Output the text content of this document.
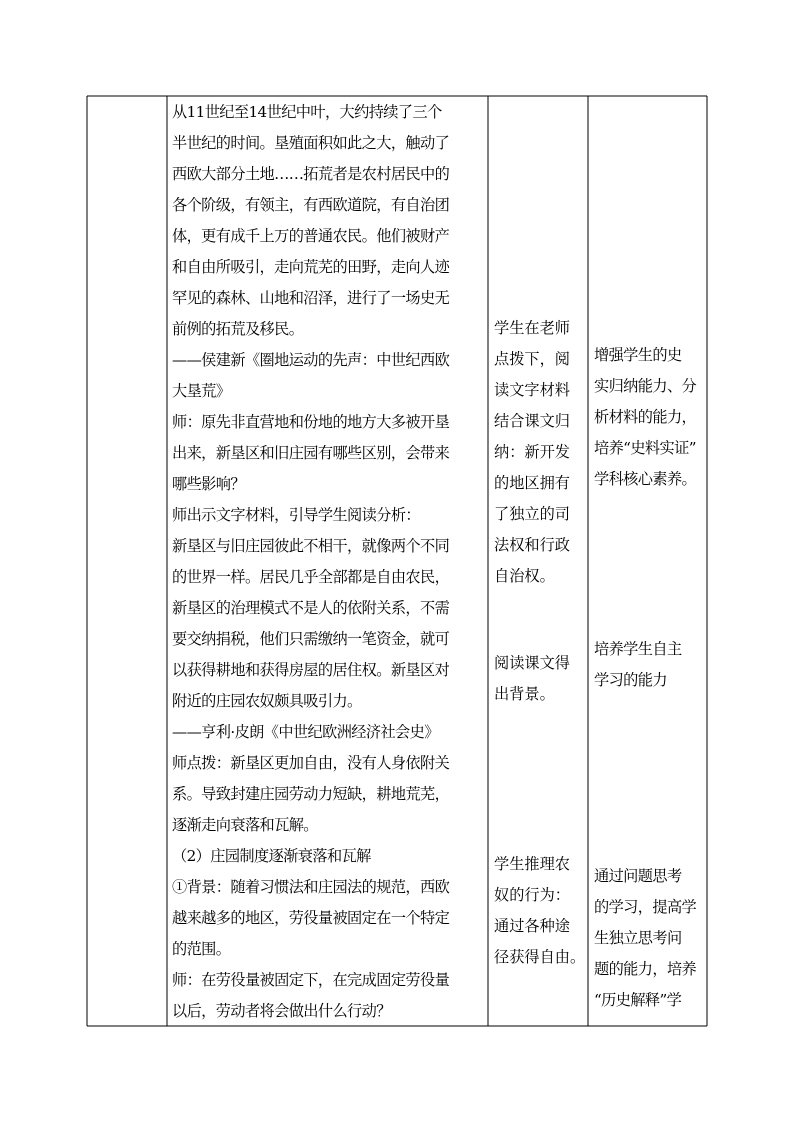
从11世纪至14世纪中叶，大约持续了三个
半世纪的时间。垦殖面积如此之大，触动了
西欧大部分土地……拓荒者是农村居民中的
各个阶级，有领主，有西欧道院，有自治团
体，更有成千上万的普通农民。他们被财产
和自由所吸引，走向荒芜的田野，走向人迹
罕见的森林、山地和沼泽，进行了一场史无
前例的拓荒及移民。
——侯建新《圈地运动的先声：中世纪西欧
大垦荒》
师：原先非直营地和份地的地方大多被开垦
出来，新垦区和旧庄园有哪些区别，会带来
哪些影响？
师出示文字材料，引导学生阅读分析：
新垦区与旧庄园彼此不相干，就像两个不同
的世界一样。居民几乎全部都是自由农民，
新垦区的治理模式不是人的依附关系，不需
要交纳捐税，他们只需缴纳一笔资金，就可
以获得耕地和获得房屋的居住权。新垦区对
附近的庄园农奴颇具吸引力。
——亨利·皮朗《中世纪欧洲经济社会史》
师点拨：新垦区更加自由，没有人身依附关
系。导致封建庄园劳动力短缺，耕地荒芜，
逐渐走向衰落和瓦解。
（2）庄园制度逐渐衰落和瓦解
①背景：随着习惯法和庄园法的规范，西欧
越来越多的地区，劳役量被固定在一个特定
的范围。
师：在劳役量被固定下，在完成固定劳役量
以后，劳动者将会做出什么行动？
学生在老师
点拨下，阅
读文字材料
结合课文归
纳：新开发
的地区拥有
了独立的司
法权和行政
自治权。
阅读课文得
出背景。
学生推理农
奴的行为：
通过各种途
径获得自由。
增强学生的史
实归纳能力、分
析材料的能力，
培养“史料实证”
学科核心素养。
培养学生自主
学习的能力
通过问题思考
的学习，提高学
生独立思考问
题的能力，培养
“历史解释”学
